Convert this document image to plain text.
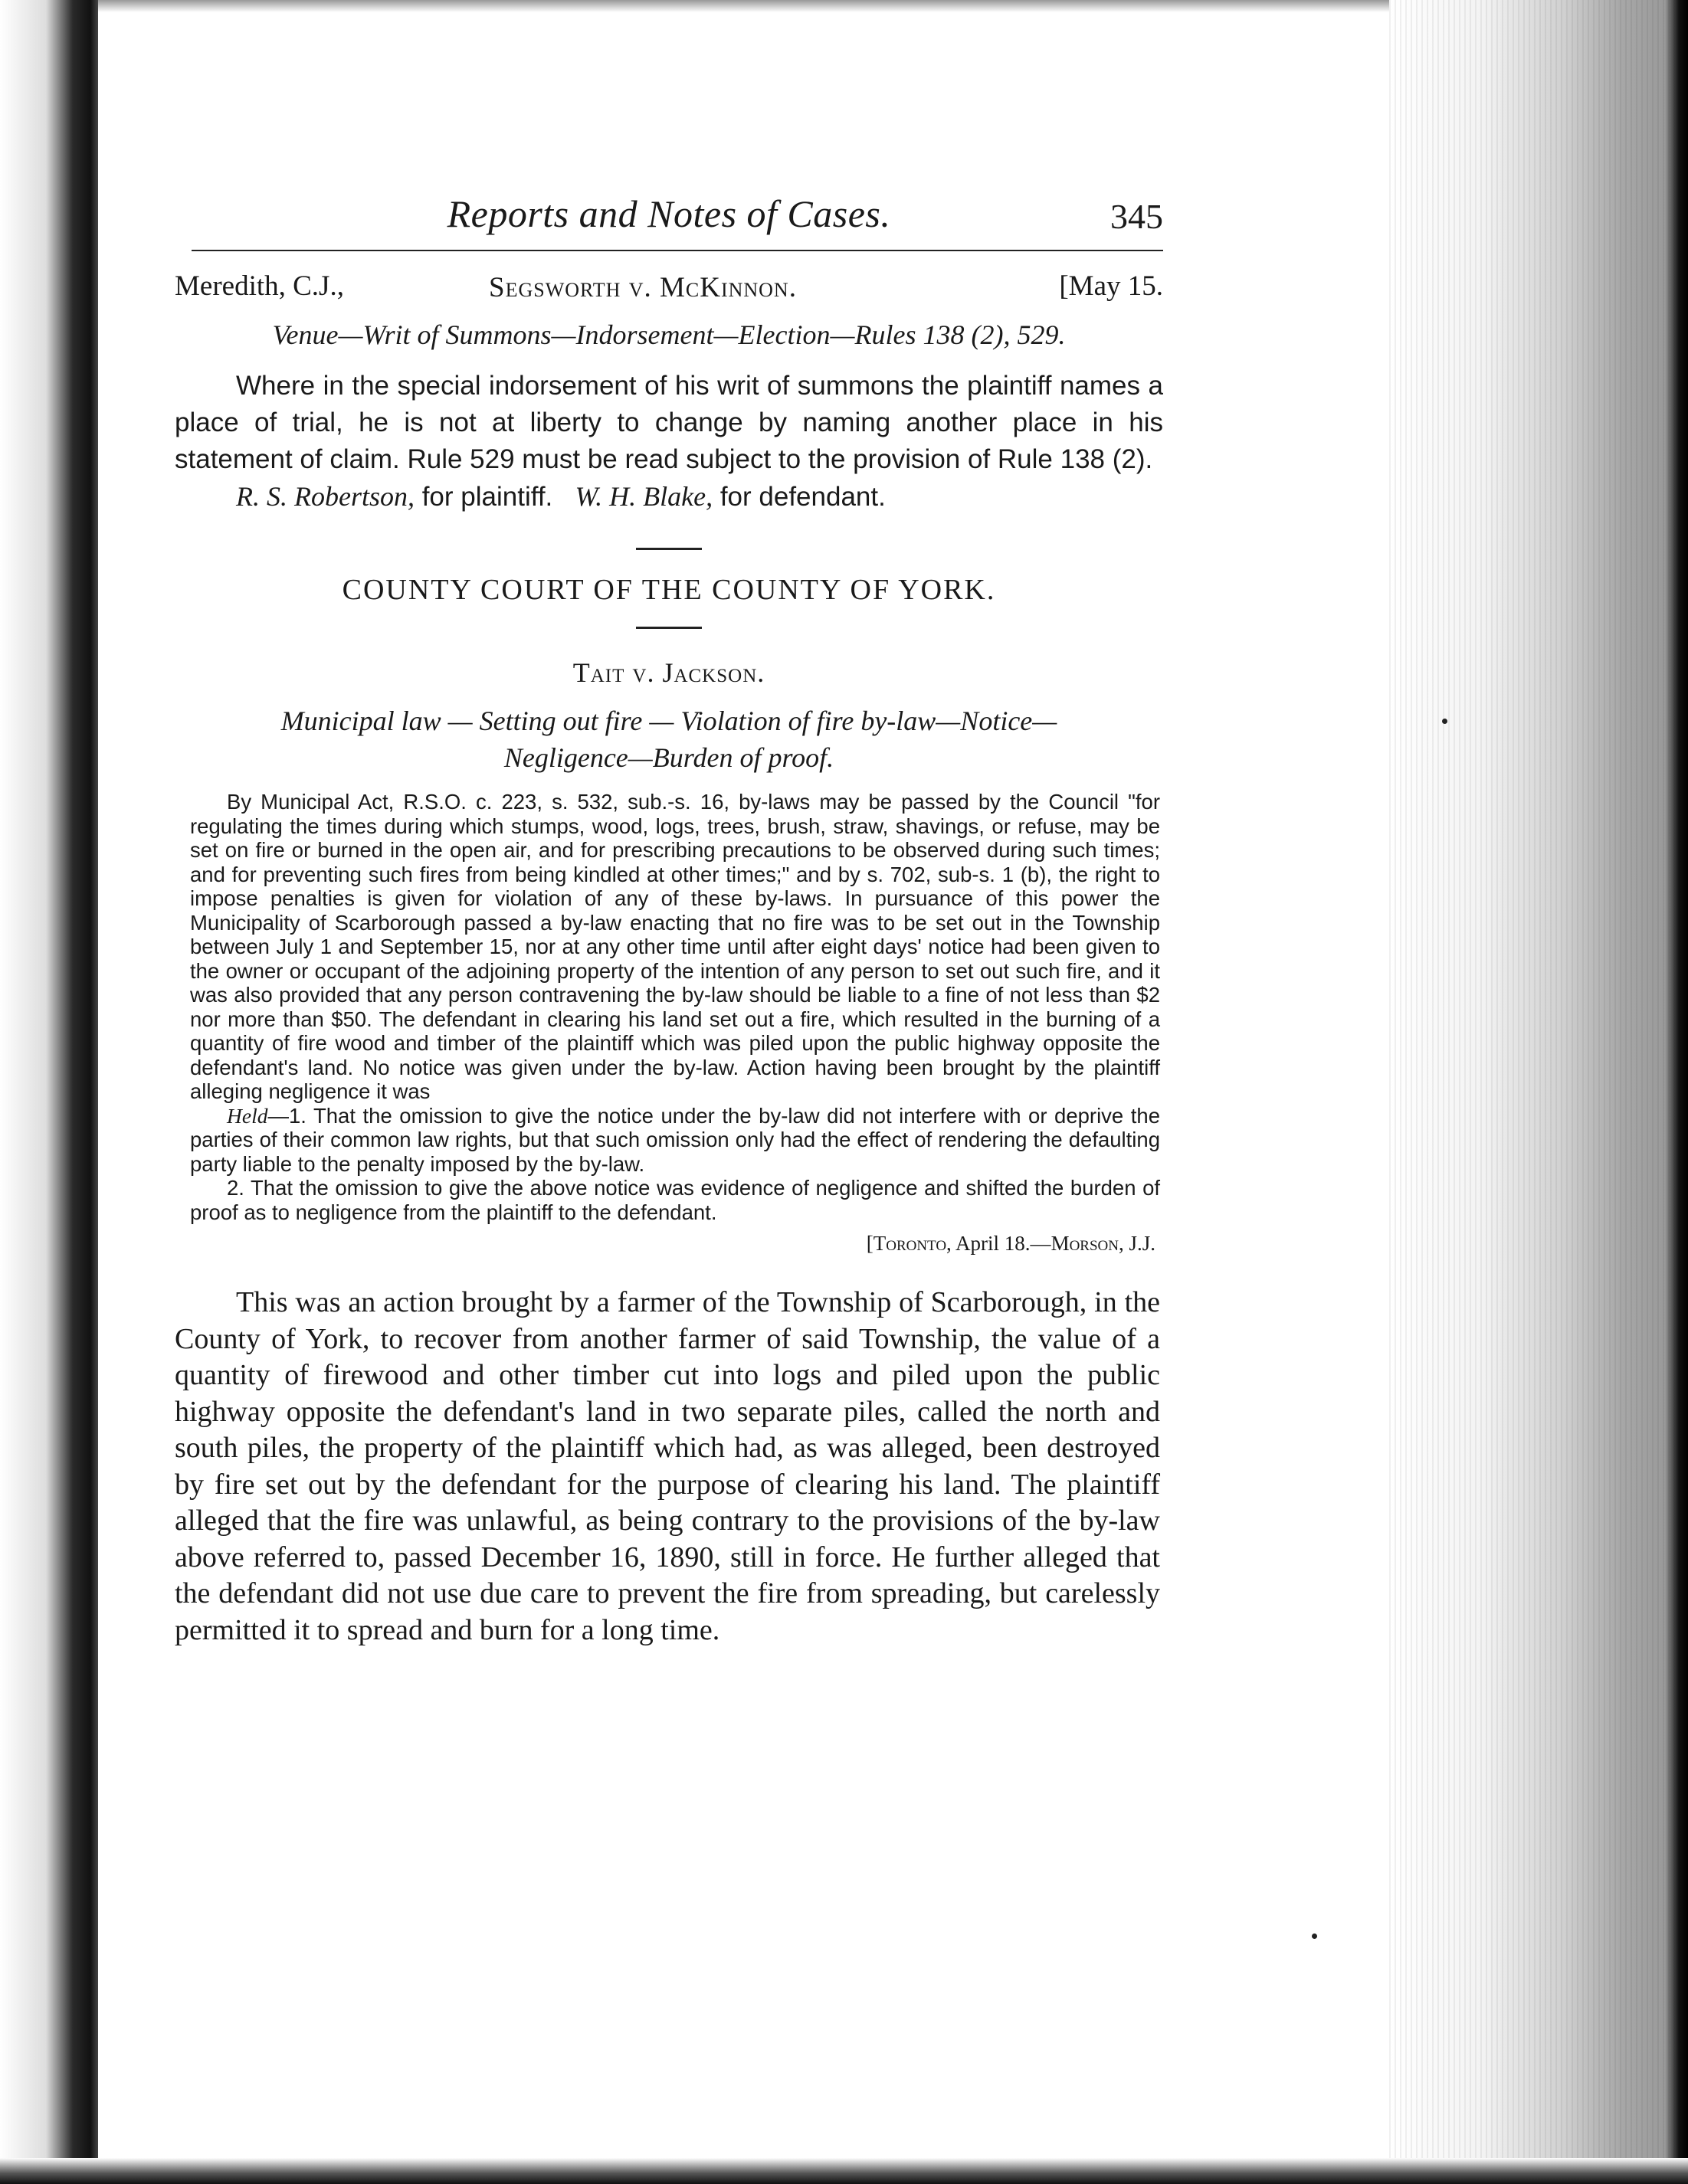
Reports and Notes of Cases.	345
Meredith, C.J.,	Segsworth v. McKinnon.	[May 15.
Venue—Writ of Summons—Indorsement—Election—Rules 138 (2), 529.

Where in the special indorsement of his writ of summons the plaintiff names a place of trial, he is not at liberty to change by naming another place in his statement of claim. Rule 529 must be read subject to the provision of Rule 138 (2).

R. S. Robertson, for plaintiff. W. H. Blake, for defendant.

COUNTY COURT OF THE COUNTY OF YORK.
Tait v. Jackson.
Municipal law — Setting out fire — Violation of fire by-law—Notice—
Negligence—Burden of proof.

By Municipal Act, R.S.O. c. 223, s. 532, sub.-s. 16, by-laws may be passed by the Council "for regulating the times during which stumps, wood, logs, trees, brush, straw, shavings, or refuse, may be set on fire or burned in the open air, and for prescribing precautions to be observed during such times; and for preventing such fires from being kindled at other times;" and by s. 702, sub-s. 1 (b), the right to impose penalties is given for violation of any of these by-laws. In pursuance of this power the Municipality of Scarborough passed a by-law enacting that no fire was to be set out in the Township between July 1 and September 15, nor at any other time until after eight days' notice had been given to the owner or occupant of the adjoining property of the intention of any person to set out such fire, and it was also provided that any person contravening the by-law should be liable to a fine of not less than $2 nor more than $50. The defendant in clearing his land set out a fire, which resulted in the burning of a quantity of fire wood and timber of the plaintiff which was piled upon the public highway opposite the defendant's land. No notice was given under the by-law. Action having been brought by the plaintiff alleging negligence it was

Held—1. That the omission to give the notice under the by-law did not interfere with or deprive the parties of their common law rights, but that such omission only had the effect of rendering the defaulting party liable to the penalty imposed by the by-law.

2. That the omission to give the above notice was evidence of negligence and shifted the burden of proof as to negligence from the plaintiff to the defendant.

[Toronto, April 18.—Morson, J.J.

This was an action brought by a farmer of the Township of Scarborough, in the County of York, to recover from another farmer of said Township, the value of a quantity of firewood and other timber cut into logs and piled upon the public highway opposite the defendant's land in two separate piles, called the north and south piles, the property of the plaintiff which had, as was alleged, been destroyed by fire set out by the defendant for the purpose of clearing his land. The plaintiff alleged that the fire was unlawful, as being contrary to the provisions of the by-law above referred to, passed December 16, 1890, still in force. He further alleged that the defendant did not use due care to prevent the fire from spreading, but carelessly permitted it to spread and burn for a long time.
